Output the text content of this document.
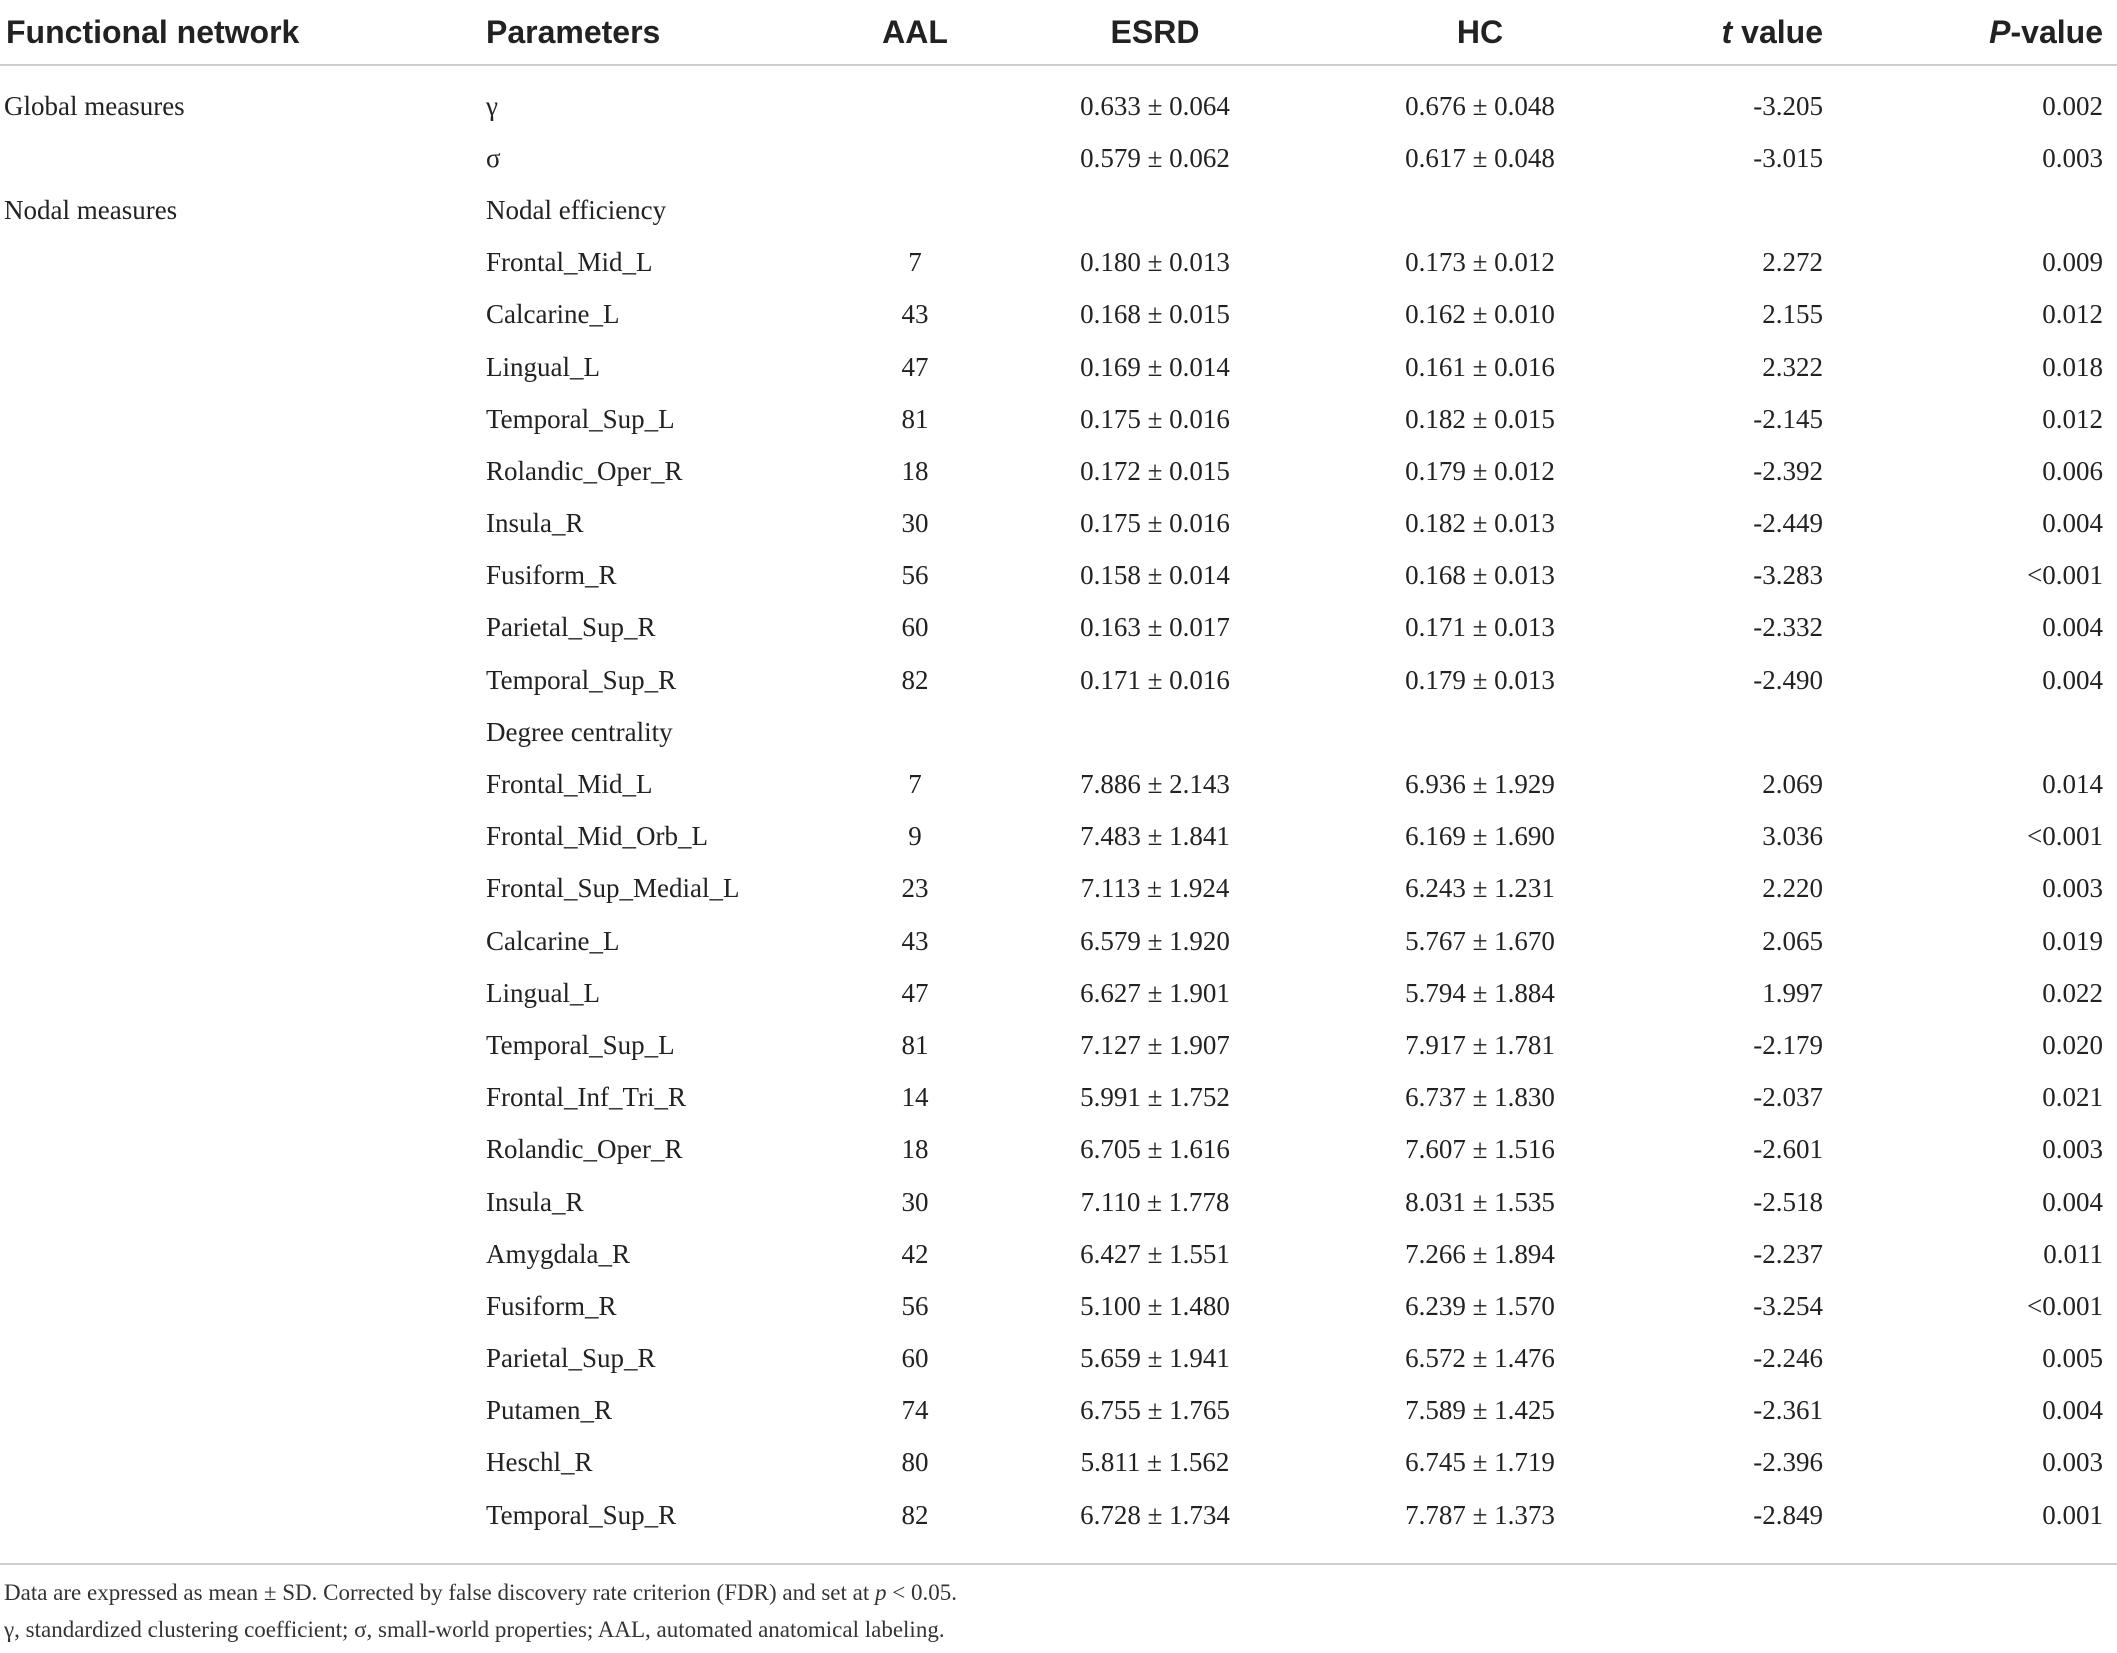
Functional network	Parameters	AAL	ESRD	HC	t value	P-value

Global measures	γ		0.633 ± 0.064	0.676 ± 0.048	-3.205	0.002
	σ		0.579 ± 0.062	0.617 ± 0.048	-3.015	0.003
Nodal measures	Nodal efficiency					
	Frontal_Mid_L	7	0.180 ± 0.013	0.173 ± 0.012	2.272	0.009
	Calcarine_L	43	0.168 ± 0.015	0.162 ± 0.010	2.155	0.012
	Lingual_L	47	0.169 ± 0.014	0.161 ± 0.016	2.322	0.018
	Temporal_Sup_L	81	0.175 ± 0.016	0.182 ± 0.015	-2.145	0.012
	Rolandic_Oper_R	18	0.172 ± 0.015	0.179 ± 0.012	-2.392	0.006
	Insula_R	30	0.175 ± 0.016	0.182 ± 0.013	-2.449	0.004
	Fusiform_R	56	0.158 ± 0.014	0.168 ± 0.013	-3.283	<0.001
	Parietal_Sup_R	60	0.163 ± 0.017	0.171 ± 0.013	-2.332	0.004
	Temporal_Sup_R	82	0.171 ± 0.016	0.179 ± 0.013	-2.490	0.004
	Degree centrality					
	Frontal_Mid_L	7	7.886 ± 2.143	6.936 ± 1.929	2.069	0.014
	Frontal_Mid_Orb_L	9	7.483 ± 1.841	6.169 ± 1.690	3.036	<0.001
	Frontal_Sup_Medial_L	23	7.113 ± 1.924	6.243 ± 1.231	2.220	0.003
	Calcarine_L	43	6.579 ± 1.920	5.767 ± 1.670	2.065	0.019
	Lingual_L	47	6.627 ± 1.901	5.794 ± 1.884	1.997	0.022
	Temporal_Sup_L	81	7.127 ± 1.907	7.917 ± 1.781	-2.179	0.020
	Frontal_Inf_Tri_R	14	5.991 ± 1.752	6.737 ± 1.830	-2.037	0.021
	Rolandic_Oper_R	18	6.705 ± 1.616	7.607 ± 1.516	-2.601	0.003
	Insula_R	30	7.110 ± 1.778	8.031 ± 1.535	-2.518	0.004
	Amygdala_R	42	6.427 ± 1.551	7.266 ± 1.894	-2.237	0.011
	Fusiform_R	56	5.100 ± 1.480	6.239 ± 1.570	-3.254	<0.001
	Parietal_Sup_R	60	5.659 ± 1.941	6.572 ± 1.476	-2.246	0.005
	Putamen_R	74	6.755 ± 1.765	7.589 ± 1.425	-2.361	0.004
	Heschl_R	80	5.811 ± 1.562	6.745 ± 1.719	-2.396	0.003
	Temporal_Sup_R	82	6.728 ± 1.734	7.787 ± 1.373	-2.849	0.001

Data are expressed as mean ± SD. Corrected by false discovery rate criterion (FDR) and set at p < 0.05.

γ, standardized clustering coefficient; σ, small-world properties; AAL, automated anatomical labeling.
